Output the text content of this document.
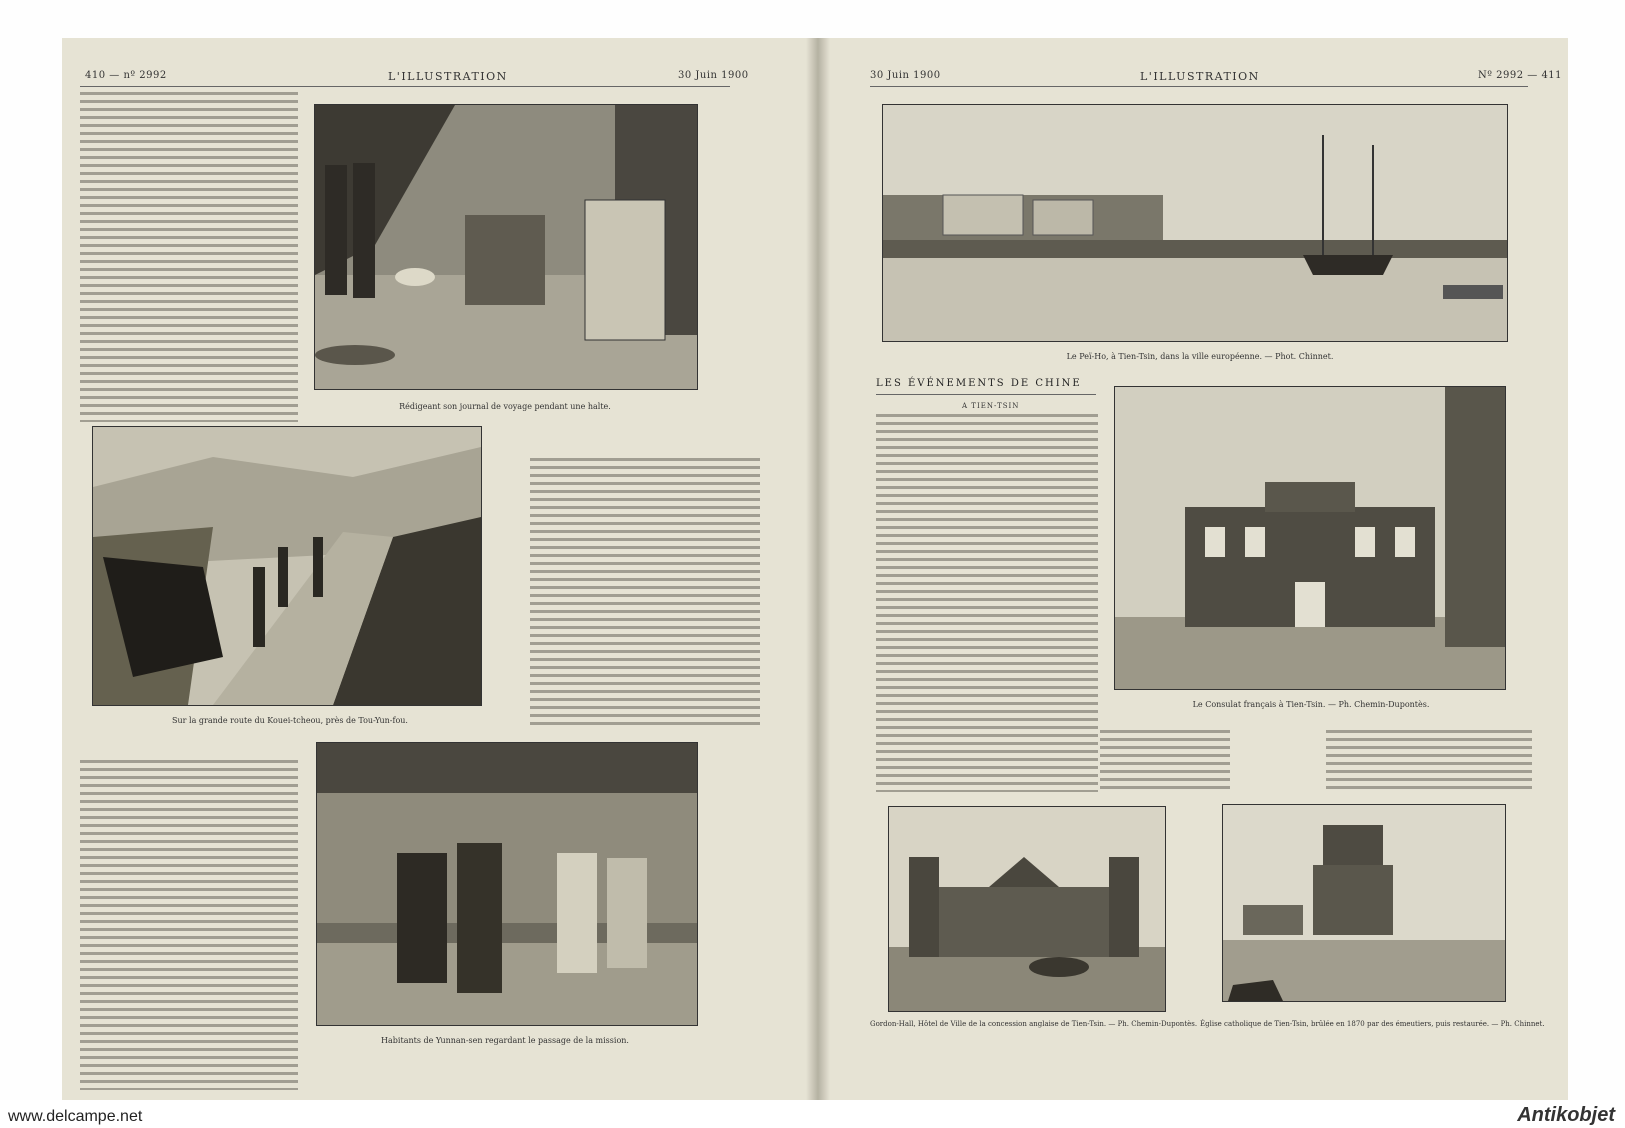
410 — nº 2992	L'ILLUSTRATION	30 Juin 1900	30 Juin 1900	L'ILLUSTRATION	Nº 2992 — 411
Rédigeant son journal de voyage pendant une halte.
Sur la grande route du Kouei-tcheou, près de Tou-Yun-fou.
Habitants de Yunnan-sen regardant le passage de la mission.
Le Peï-Ho, à Tien-Tsin, dans la ville européenne. — Phot. Chinnet.
LES ÉVÉNEMENTS DE CHINE
A TIEN-TSIN
Le Consulat français à Tien-Tsin. — Ph. Chemin-Dupontès.
Gordon-Hall, Hôtel de Ville de la concession anglaise de Tien-Tsin. — Ph. Chemin-Dupontès. Église catholique de Tien-Tsin, brûlée en 1870 par des émeutiers, puis restaurée. — Ph. Chinnet.
www.delcampe.net	Antikobjet
